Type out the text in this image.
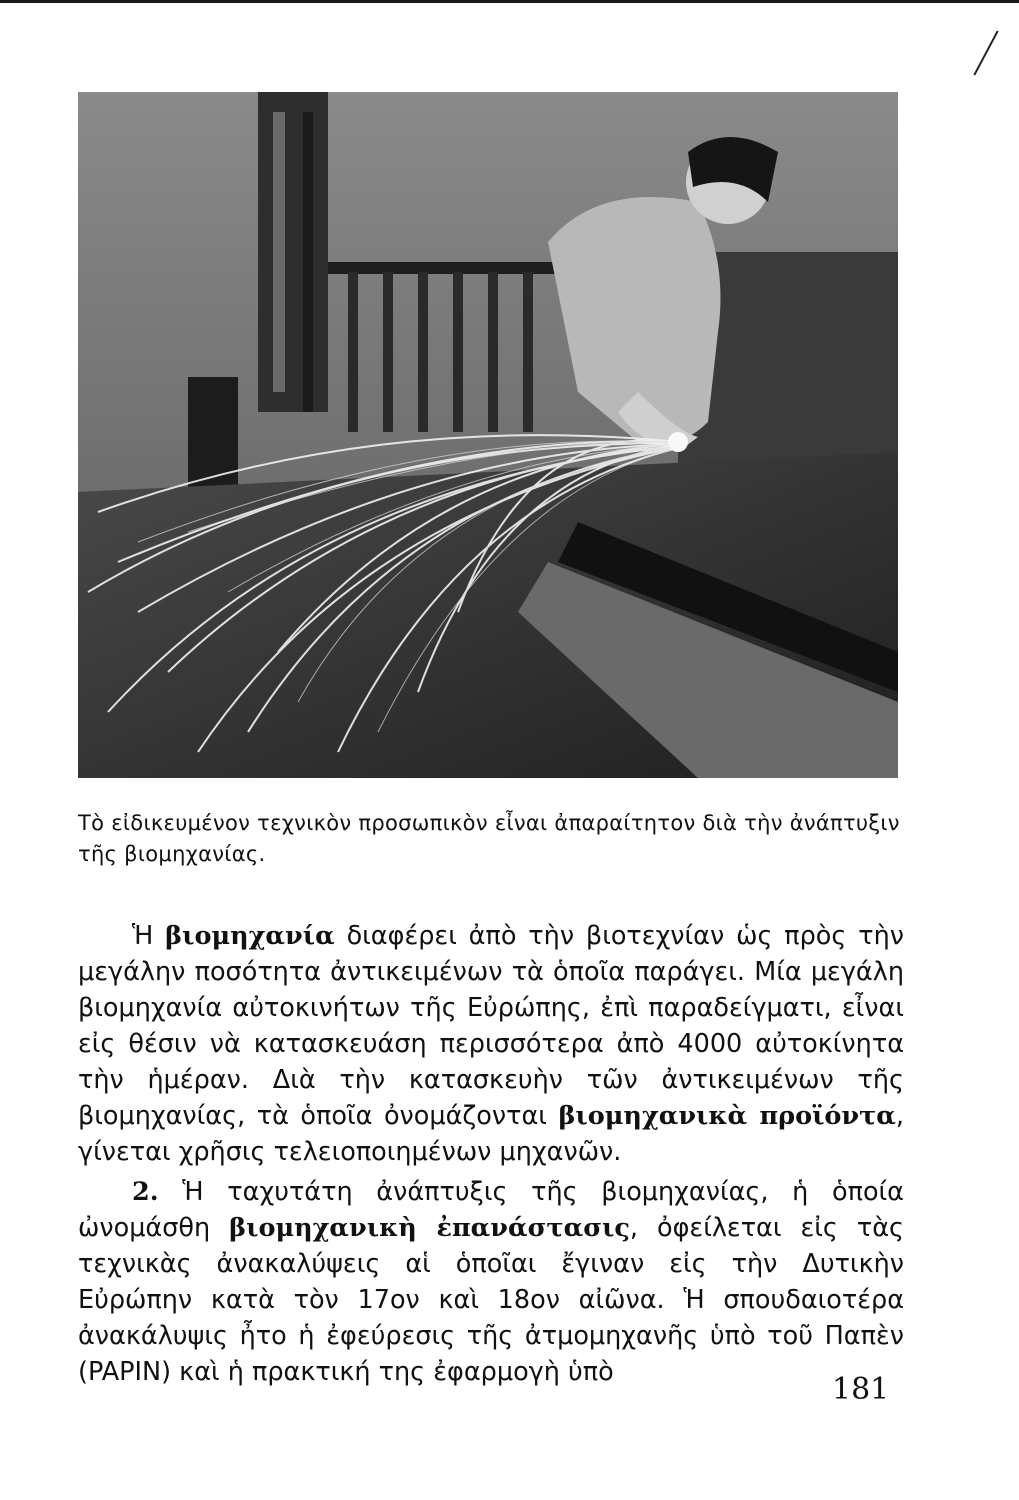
Τὸ εἰδικευμένον τεχνικὸν προσωπικὸν εἶναι ἀπαραίτητον διὰ τὴν ἀνάπτυξιν τῆς βιομηχανίας.

Ἡ βιομηχανία διαφέρει ἀπὸ τὴν βιοτεχνίαν ὡς πρὸς τὴν μεγάλην ποσότητα ἀντικειμένων τὰ ὁποῖα παράγει. Μία μεγάλη βιομηχανία αὐτοκινήτων τῆς Εὐρώπης, ἐπὶ παραδείγματι, εἶναι εἰς θέσιν νὰ κατασκευάση περισσότερα ἀπὸ 4000 αὐτοκίνητα τὴν ἡμέραν. Διὰ τὴν κατασκευὴν τῶν ἀντικειμένων τῆς βιομηχανίας, τὰ ὁποῖα ὀνομάζονται βιομηχανικὰ προϊόντα, γίνεται χρῆσις τελειοποιημένων μηχανῶν.

2. Ἡ ταχυτάτη ἀνάπτυξις τῆς βιομηχανίας, ἡ ὁποία ὠνομάσθη βιομηχανικὴ ἐπανάστασις, ὀφείλεται εἰς τὰς τεχνικὰς ἀνακαλύψεις αἱ ὁποῖαι ἔγιναν εἰς τὴν Δυτικὴν Εὐρώπην κατὰ τὸν 17ον καὶ 18ον αἰῶνα. Ἡ σπουδαιοτέρα ἀνακάλυψις ἦτο ἡ ἐφεύρεσις τῆς ἀτμομηχανῆς ὑπὸ τοῦ Παπὲν (PAPIN) καὶ ἡ πρακτική της ἐφαρμογὴ ὑπὸ	181
